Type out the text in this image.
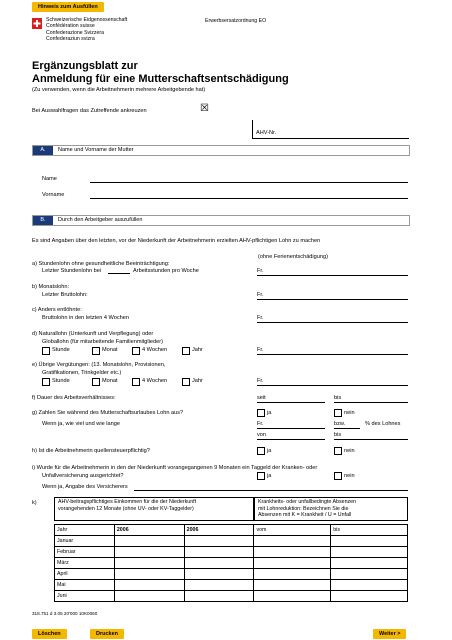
Hinweis zum Ausfüllen
Schweizerische Eidgenossenschaft
Confédération suisse
Confederazione Svizzera
Confederaziun svizra
Erwerbsersatzordnung EO
Ergänzungsblatt zur
Anmeldung für eine Mutterschaftsentschädigung
(Zu verwenden, wenn die Arbeitnehmerin mehrere Arbeitgebende hat)
Bei Auswahlfragen das Zutreffende ankreuzen	☒
AHV-Nr.
A.	Name und Vorname der Mutter
Name
Vorname
B.	Durch den Arbeitgeber auszufüllen
Es sind Angaben über den letzten, vor der Niederkunft der Arbeitnehmerin erzielten AHV-pflichtigen Lohn zu machen
(ohne Ferienentschädigung)
a) Stundenlohn ohne gesundheitliche Beeinträchtigung:
Letzter Stundenlohn bei	Arbeitsstunden pro Woche	Fr.
b) Monatslohn:
Letzter Bruttolohn:	Fr.
c) Anders entlöhnte:
Bruttolohn in den letzten 4 Wochen	Fr.
d) Naturallohn (Unterkunft und Verpflegung) oder
Globallohn (für mitarbeitende Familienmitglieder)
Stunde	Monat	4 Wochen	Jahr	Fr.
e) Übrige Vergütungen: (13. Monatslohn, Provisionen,
Gratifikationen, Trinkgelder etc.)
Stunde	Monat	4 Wochen	Jahr	Fr.
f) Dauer des Arbeitsverhältnisses:	seit	bis
g) Zahlen Sie während des Mutterschaftsurlaubes Lohn aus?	ja	nein
Wenn ja, wie viel und wie lange	Fr.	bzw.	% des Lohnes
von	bis
h) Ist die Arbeitnehmerin quellensteuerpflichtig?	ja	nein
i) Wurde für die Arbeitnehmerin in den der Niederkunft vorangegangenen 9 Monaten ein Taggeld der Kranken- oder
Unfallversicherung ausgerichtet?	ja	nein
Wenn ja, Angabe des Versicherers
k)	AHV-beitragspflichtiges Einkommen für die der Niederkunft
vorangehenden 12 Monate (ohne UV- oder KV-Taggelder)
Krankheits- oder unfallbedingte Absenzen
mit Lohnreduktion: Bezeichnen Sie die
Absenzen mit K = Krankheit / U = Unfall
Jahr	2006	2006	vom	bis
Januar				
Februar				
März				
April				
Mai				
Juni				
318.751 d 3.05 20'000 10K0060
Löschen	Drucken	Weiter >
